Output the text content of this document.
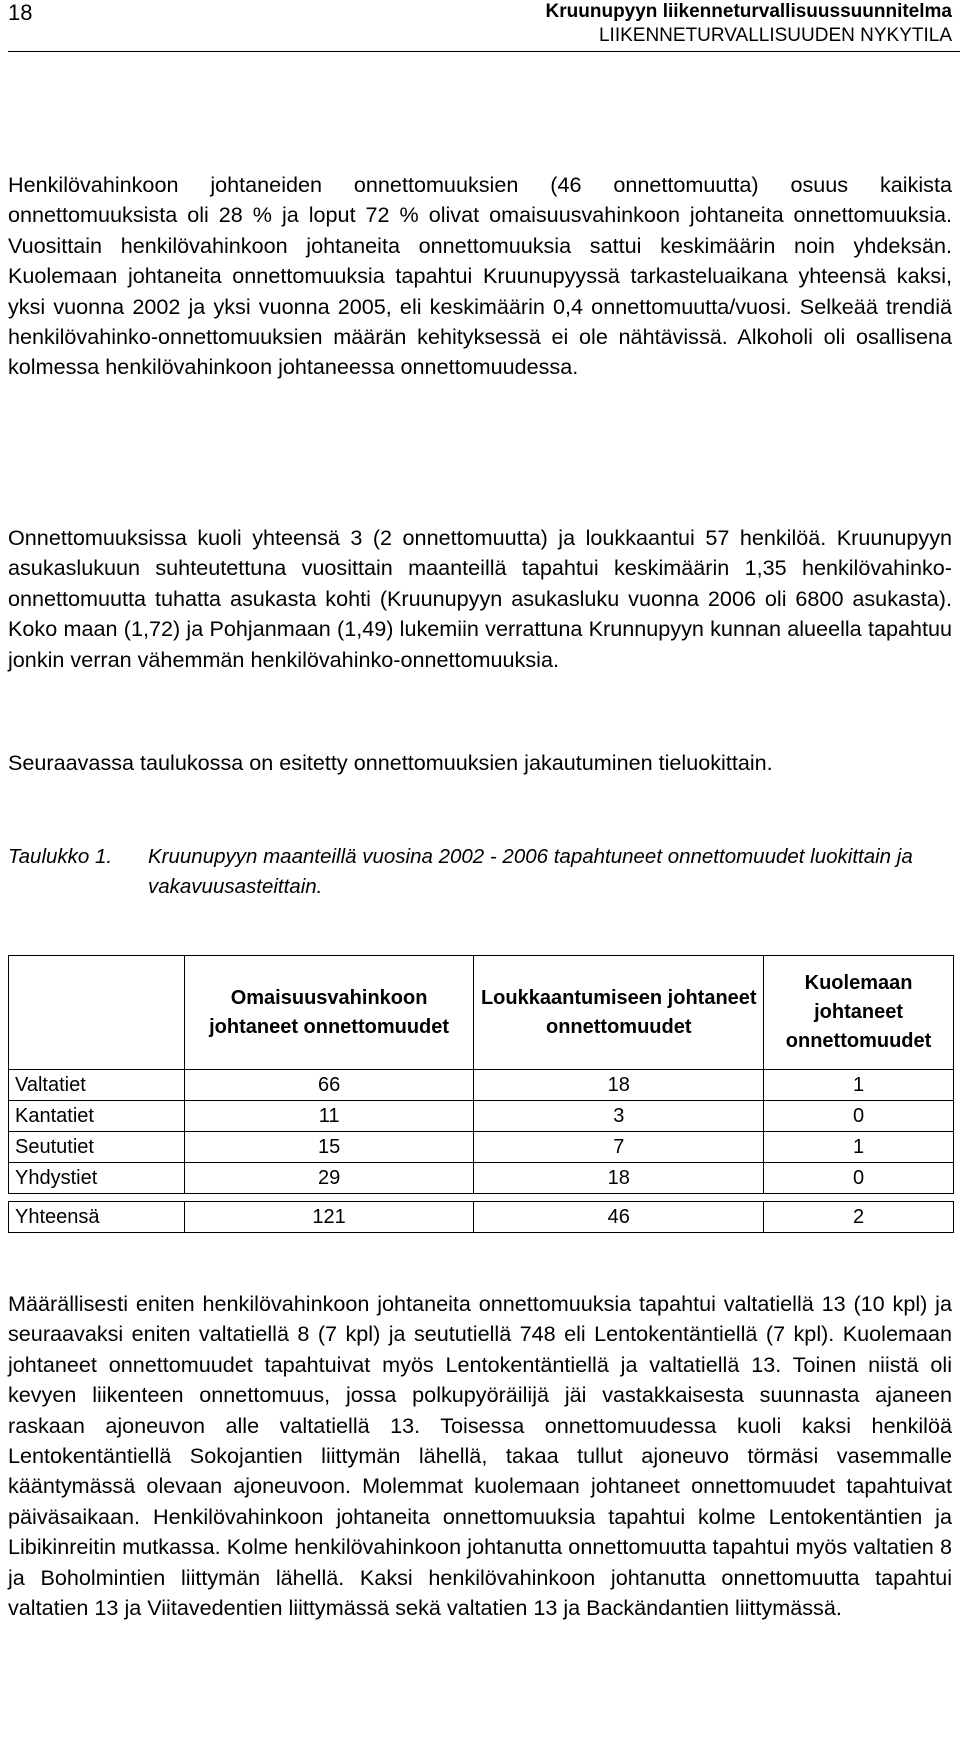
18	Kruunupyyn liikenneturvallisuussuunnitelma
LIIKENNETURVALLISUUDEN NYKYTILA

Henkilövahinkoon johtaneiden onnettomuuksien (46 onnettomuutta) osuus kaikista onnettomuuksista oli 28 % ja loput 72 % olivat omaisuusvahinkoon johtaneita onnettomuuksia. Vuosittain henkilövahinkoon johtaneita onnettomuuksia sattui keskimäärin noin yhdeksän. Kuolemaan johtaneita onnettomuuksia tapahtui Kruunupyyssä tarkasteluaikana yhteensä kaksi, yksi vuonna 2002 ja yksi vuonna 2005, eli keskimäärin 0,4 onnettomuutta/vuosi. Selkeää trendiä henkilövahinko-onnettomuuksien määrän kehityksessä ei ole nähtävissä. Alkoholi oli osallisena kolmessa henkilövahinkoon johtaneessa onnettomuudessa.

Onnettomuuksissa kuoli yhteensä 3 (2 onnettomuutta) ja loukkaantui 57 henkilöä. Kruunupyyn asukaslukuun suhteutettuna vuosittain maanteillä tapahtui keskimäärin 1,35 henkilövahinko-onnettomuutta tuhatta asukasta kohti (Kruunupyyn asukasluku vuonna 2006 oli 6800 asukasta). Koko maan (1,72) ja Pohjanmaan (1,49) lukemiin verrattuna Krunnupyyn kunnan alueella tapahtuu jonkin verran vähemmän henkilövahinko-onnettomuuksia.

Seuraavassa taulukossa on esitetty onnettomuuksien jakautuminen tieluokittain.

Taulukko 1.	Kruunupyyn maanteillä vuosina 2002 - 2006 tapahtuneet onnettomuudet luokittain ja vakavuusasteittain.
	Omaisuusvahinkoon johtaneet onnettomuudet	Loukkaantumiseen johtaneet onnettomuudet	Kuolemaan johtaneet onnettomuudet
Valtatiet	66	18	1
Kantatiet	11	3	0
Seututiet	15	7	1
Yhdystiet	29	18	0

Yhteensä	121	46	2

Määrällisesti eniten henkilövahinkoon johtaneita onnettomuuksia tapahtui valtatiellä 13 (10 kpl) ja seuraavaksi eniten valtatiellä 8 (7 kpl) ja seututiellä 748 eli Lentokentäntiellä (7 kpl). Kuolemaan johtaneet onnettomuudet tapahtuivat myös Lentokentäntiellä ja valtatiellä 13. Toinen niistä oli kevyen liikenteen onnettomuus, jossa polkupyöräilijä jäi vastakkaisesta suunnasta ajaneen raskaan ajoneuvon alle valtatiellä 13. Toisessa onnettomuudessa kuoli kaksi henkilöä Lentokentäntiellä Sokojantien liittymän lähellä, takaa tullut ajoneuvo törmäsi vasemmalle kääntymässä olevaan ajoneuvoon. Molemmat kuolemaan johtaneet onnettomuudet tapahtuivat päiväsaikaan. Henkilövahinkoon johtaneita onnettomuuksia tapahtui kolme Lentokentäntien ja Libikinreitin mutkassa. Kolme henkilövahinkoon johtanutta onnettomuutta tapahtui myös valtatien 8 ja Boholmintien liittymän lähellä. Kaksi henkilövahinkoon johtanutta onnettomuutta tapahtui valtatien 13 ja Viitavedentien liittymässä sekä valtatien 13 ja Backändantien liittymässä.
